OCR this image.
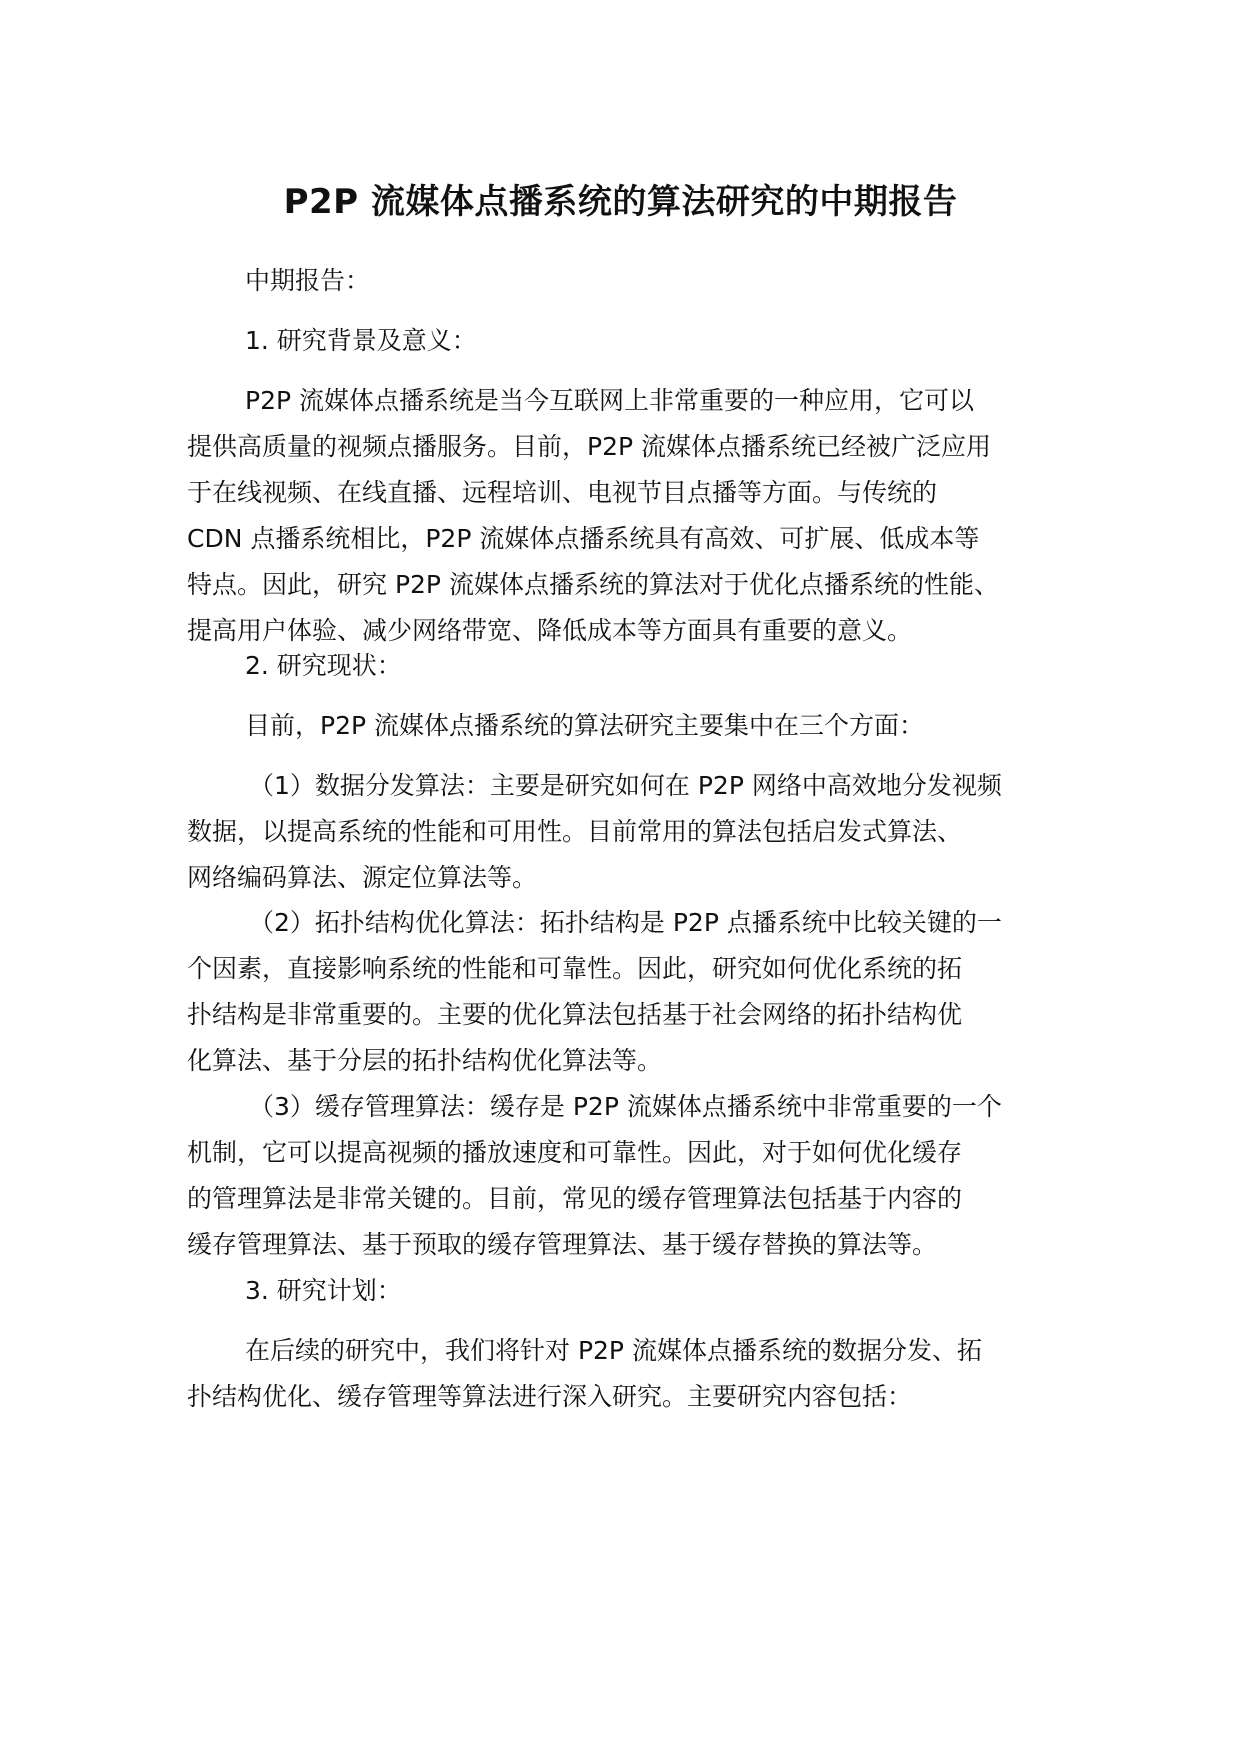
P2P 流媒体点播系统的算法研究的中期报告
中期报告：
1. 研究背景及意义：
P2P 流媒体点播系统是当今互联网上非常重要的一种应用，它可以
提供高质量的视频点播服务。目前，P2P 流媒体点播系统已经被广泛应用
于在线视频、在线直播、远程培训、电视节目点播等方面。与传统的
CDN 点播系统相比，P2P 流媒体点播系统具有高效、可扩展、低成本等
特点。因此，研究 P2P 流媒体点播系统的算法对于优化点播系统的性能、
提高用户体验、减少网络带宽、降低成本等方面具有重要的意义。
2. 研究现状：
目前，P2P 流媒体点播系统的算法研究主要集中在三个方面：
（1）数据分发算法：主要是研究如何在 P2P 网络中高效地分发视频
数据，以提高系统的性能和可用性。目前常用的算法包括启发式算法、
网络编码算法、源定位算法等。
（2）拓扑结构优化算法：拓扑结构是 P2P 点播系统中比较关键的一
个因素，直接影响系统的性能和可靠性。因此，研究如何优化系统的拓
扑结构是非常重要的。主要的优化算法包括基于社会网络的拓扑结构优
化算法、基于分层的拓扑结构优化算法等。
（3）缓存管理算法：缓存是 P2P 流媒体点播系统中非常重要的一个
机制，它可以提高视频的播放速度和可靠性。因此，对于如何优化缓存
的管理算法是非常关键的。目前，常见的缓存管理算法包括基于内容的
缓存管理算法、基于预取的缓存管理算法、基于缓存替换的算法等。
3. 研究计划：
在后续的研究中，我们将针对 P2P 流媒体点播系统的数据分发、拓
扑结构优化、缓存管理等算法进行深入研究。主要研究内容包括：
